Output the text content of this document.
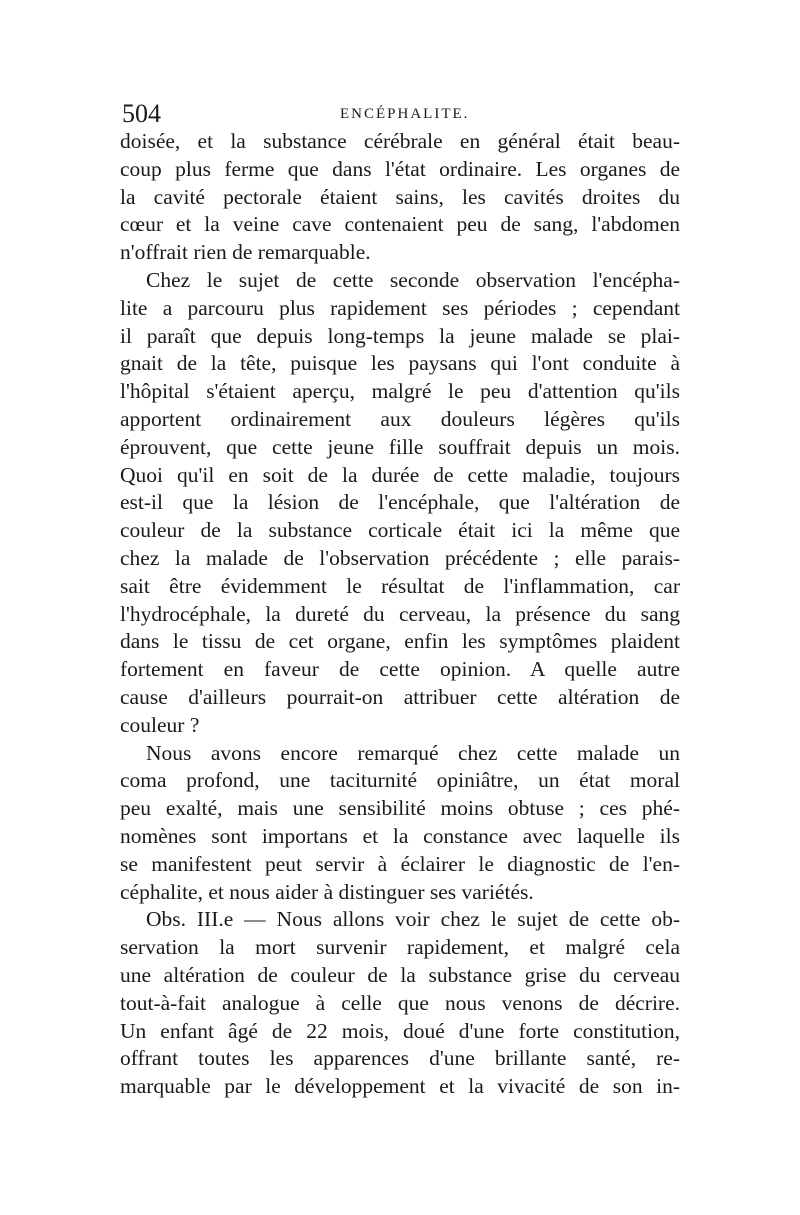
504	ENCÉPHALITE.
doisée, et la substance cérébrale en général était beau-
coup plus ferme que dans l'état ordinaire. Les organes de
la cavité pectorale étaient sains, les cavités droites du
cœur et la veine cave contenaient peu de sang, l'abdomen
n'offrait rien de remarquable.
Chez le sujet de cette seconde observation l'encépha-
lite a parcouru plus rapidement ses périodes ; cependant
il paraît que depuis long-temps la jeune malade se plai-
gnait de la tête, puisque les paysans qui l'ont conduite à
l'hôpital s'étaient aperçu, malgré le peu d'attention qu'ils
apportent ordinairement aux douleurs légères qu'ils
éprouvent, que cette jeune fille souffrait depuis un mois.
Quoi qu'il en soit de la durée de cette maladie, toujours
est-il que la lésion de l'encéphale, que l'altération de
couleur de la substance corticale était ici la même que
chez la malade de l'observation précédente ; elle parais-
sait être évidemment le résultat de l'inflammation, car
l'hydrocéphale, la dureté du cerveau, la présence du sang
dans le tissu de cet organe, enfin les symptômes plaident
fortement en faveur de cette opinion. A quelle autre
cause d'ailleurs pourrait-on attribuer cette altération de
couleur ?
Nous avons encore remarqué chez cette malade un
coma profond, une taciturnité opiniâtre, un état moral
peu exalté, mais une sensibilité moins obtuse ; ces phé-
nomènes sont importans et la constance avec laquelle ils
se manifestent peut servir à éclairer le diagnostic de l'en-
céphalite, et nous aider à distinguer ses variétés.
Obs. III.e — Nous allons voir chez le sujet de cette ob-
servation la mort survenir rapidement, et malgré cela
une altération de couleur de la substance grise du cerveau
tout-à-fait analogue à celle que nous venons de décrire.
Un enfant âgé de 22 mois, doué d'une forte constitution,
offrant toutes les apparences d'une brillante santé, re-
marquable par le développement et la vivacité de son in-
